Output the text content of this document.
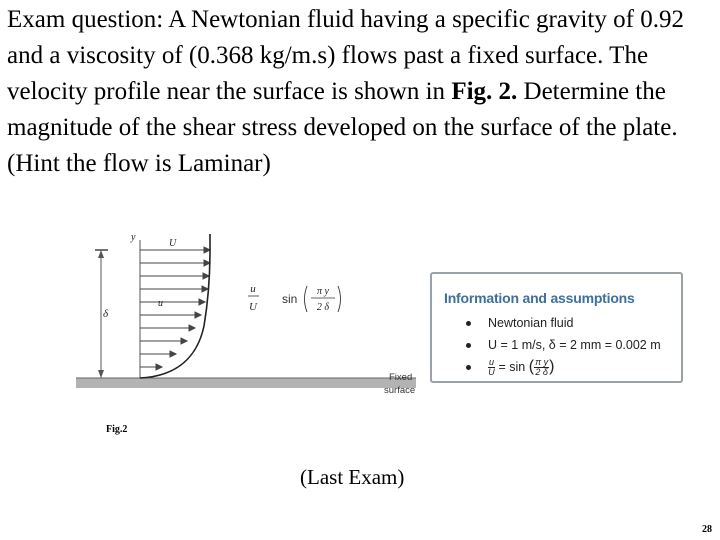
Exam question: A Newtonian fluid having a specific gravity of 0.92 and a viscosity of (0.368 kg/m.s) flows past a fixed surface. The velocity profile near the surface is shown in Fig. 2. Determine the magnitude of the shear stress developed on the surface of the plate. (Hint the flow is Laminar)

δ
y
U
u
u
U
sin
π y
2 δ
Fixed
surface
Information and assumptions
Newtonian fluid
U = 1 m/s, δ = 2 mm = 0.002 m
$\frac{u}{U} = \sin$ ( $\frac{\text{π y}}{2 \delta}$ )
Fig.2
(Last Exam)
28
